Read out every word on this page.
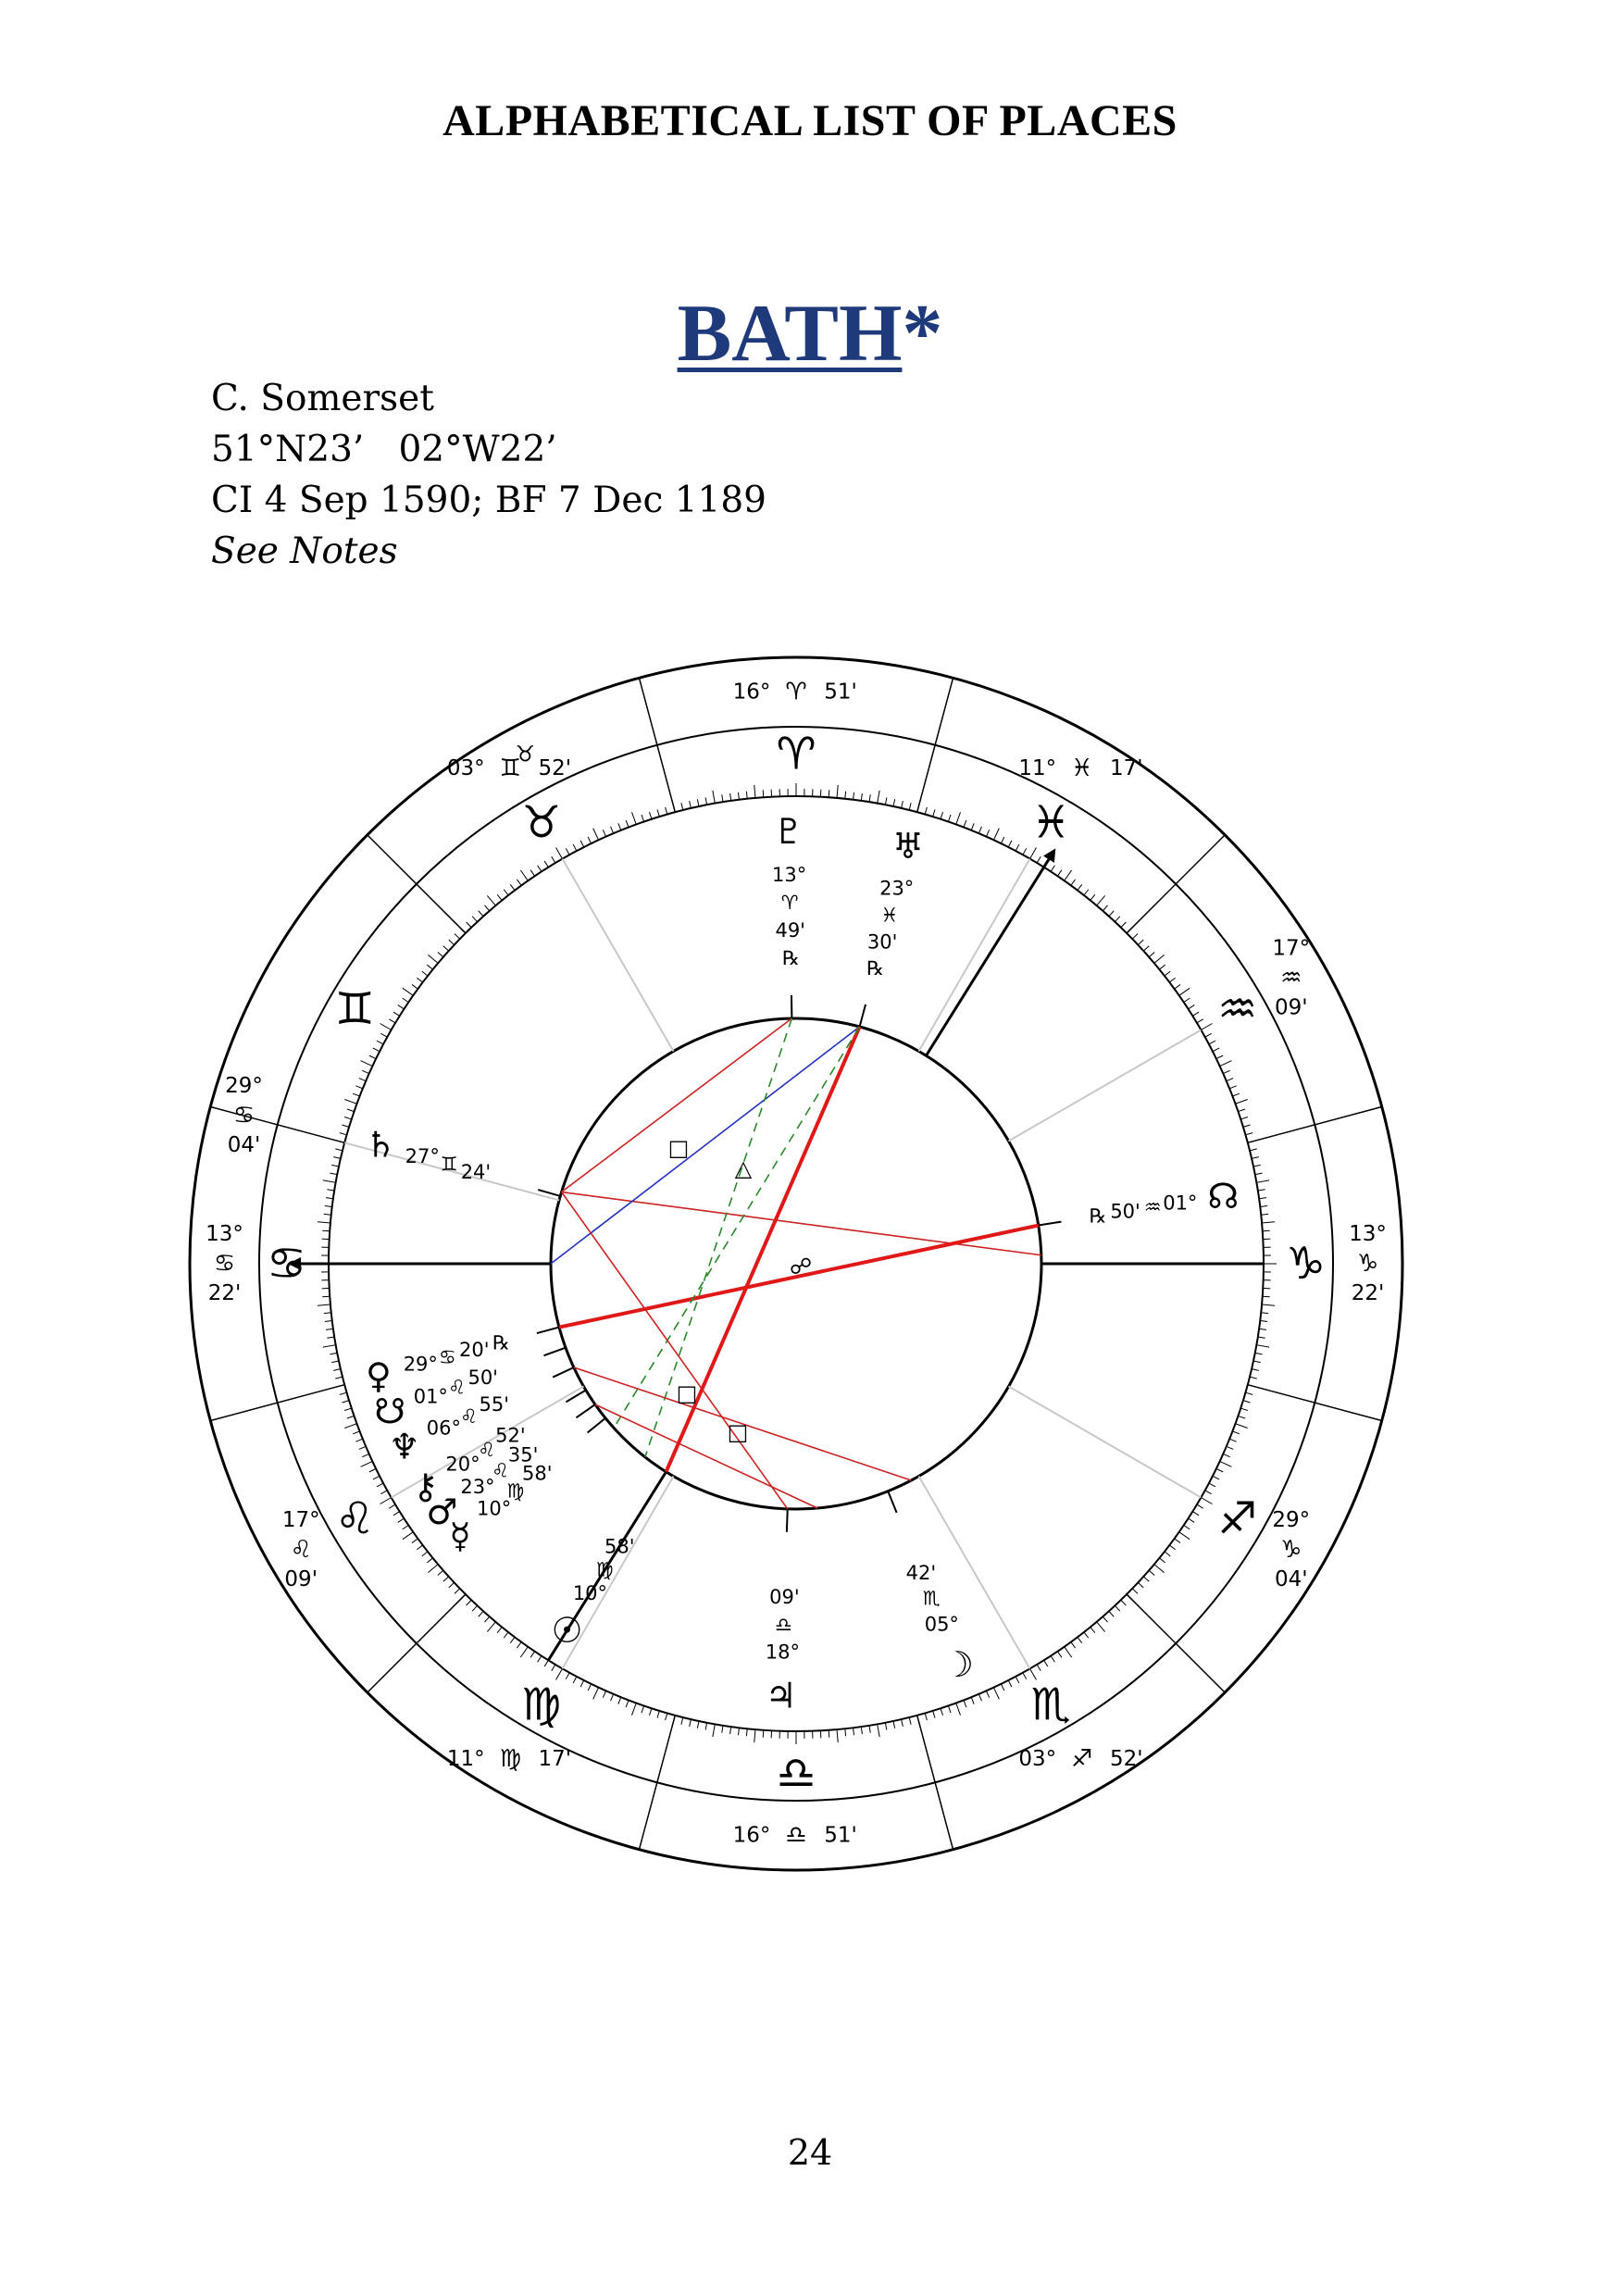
ALPHABETICAL LIST OF PLACES
BATH*
C. Somerset
51°N23’   02°W22’
CI 4 Sep 1590; BF 7 Dec 1189
See Notes
□
△
☍
□
□
♈
♓
♒
♑
♐
♏
♎
♍
♌
♋
♊
♉
16° ♈ 51'
11° ♓ 17'
17°
♒
09'
29°
♑
04'
13°
♑
22'
03° ♐ 52'
16° ♎ 51'
11° ♍ 17'
17°
♌
09'
29°
♋
04'
13°
♋
22'
03° ♊ 52'
♉
♇
13°
♈
49'
℞
♅
23°
♓
30'
℞
☊
01°
♒
50'
℞
♄ 27° ♊ 24'
♀ 29° ♋ 20' ℞
☋ 01° ♌ 50'
♆ 06°
♌
55'
⚷
20°
♌
52'
♂
23°
♌
35'
☿
10°
♍
58'
☉
10°
♍
58'
♃
18°
♎
09'
☽
05°
♏
42'

24
